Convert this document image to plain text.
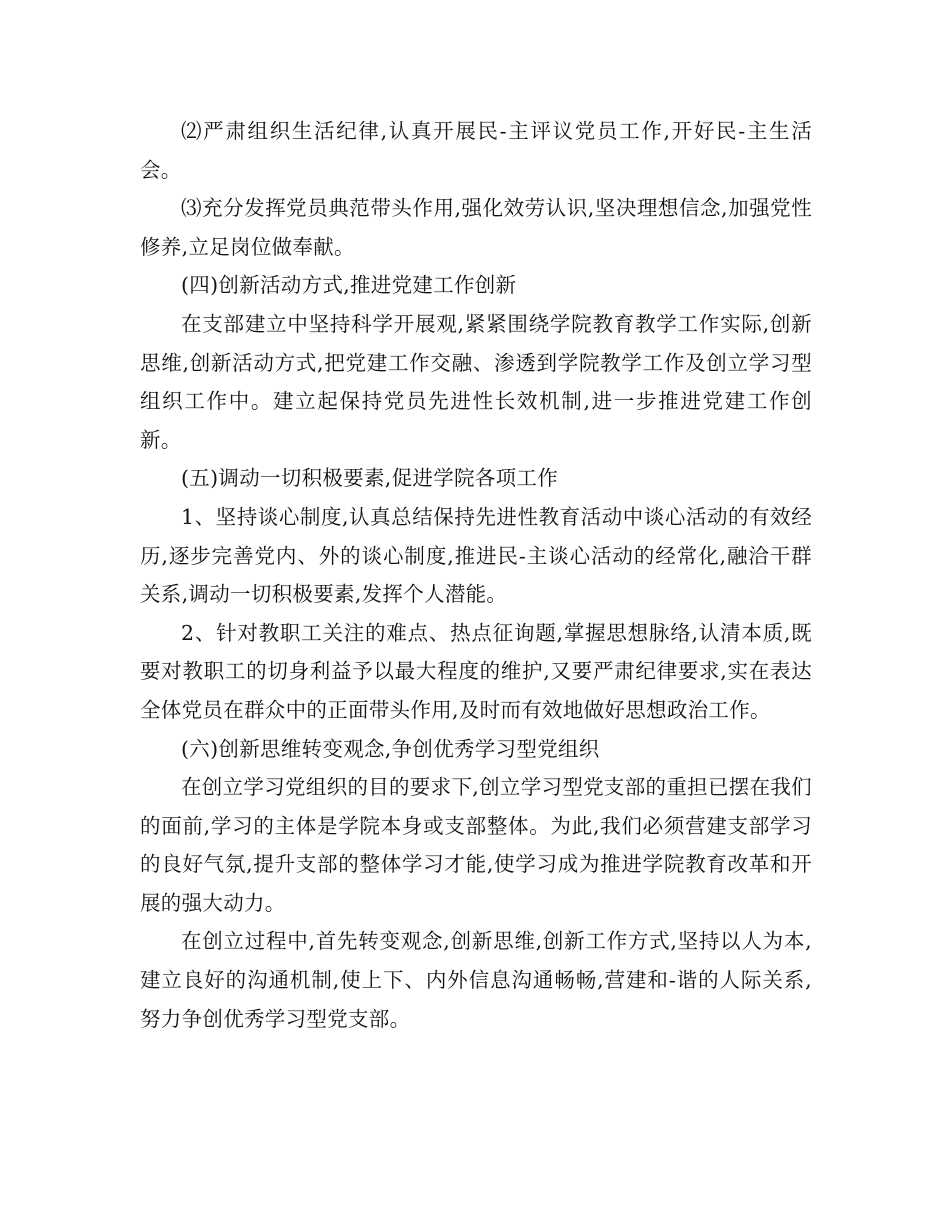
⑵严肃组织生活纪律,认真开展民-主评议党员工作,开好民-主生活会。

⑶充分发挥党员典范带头作用,强化效劳认识,坚决理想信念,加强党性修养,立足岗位做奉献。

(四)创新活动方式,推进党建工作创新

在支部建立中坚持科学开展观,紧紧围绕学院教育教学工作实际,创新思维,创新活动方式,把党建工作交融、渗透到学院教学工作及创立学习型组织工作中。建立起保持党员先进性长效机制,进一步推进党建工作创新。

(五)调动一切积极要素,促进学院各项工作

1、坚持谈心制度,认真总结保持先进性教育活动中谈心活动的有效经历,逐步完善党内、外的谈心制度,推进民-主谈心活动的经常化,融洽干群关系,调动一切积极要素,发挥个人潜能。

2、针对教职工关注的难点、热点征询题,掌握思想脉络,认清本质,既要对教职工的切身利益予以最大程度的维护,又要严肃纪律要求,实在表达全体党员在群众中的正面带头作用,及时而有效地做好思想政治工作。

(六)创新思维转变观念,争创优秀学习型党组织

在创立学习党组织的目的要求下,创立学习型党支部的重担已摆在我们的面前,学习的主体是学院本身或支部整体。为此,我们必须营建支部学习的良好气氛,提升支部的整体学习才能,使学习成为推进学院教育改革和开展的强大动力。

在创立过程中,首先转变观念,创新思维,创新工作方式,坚持以人为本,建立良好的沟通机制,使上下、内外信息沟通畅畅,营建和-谐的人际关系,努力争创优秀学习型党支部。
